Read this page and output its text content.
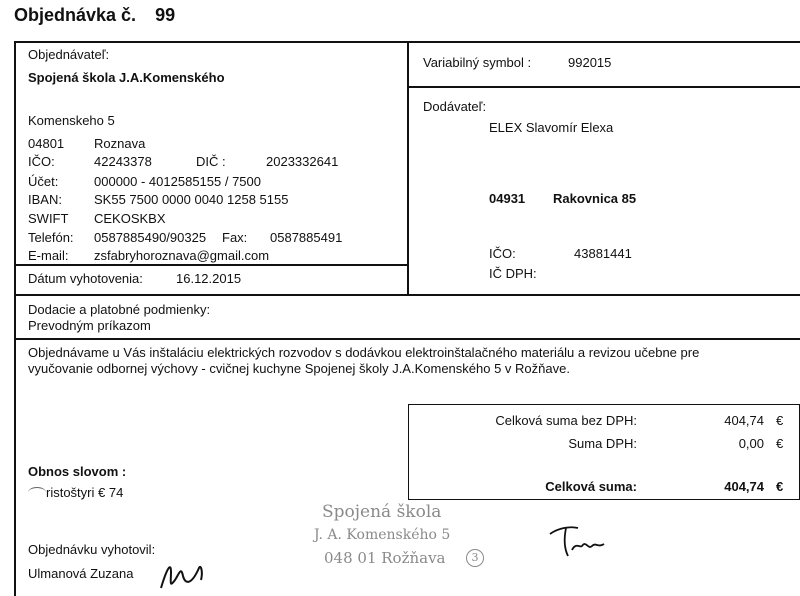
Objednávka č. 99
Objednávateľ:
Spojená škola J.A.Komenského
Komenskeho 5
04801 Roznava
IČO:	42243378	DIČ :	2023332641
Účet:	000000 - 4012585155 / 7500
IBAN: SK55 7500 0000 0040 1258 5155
SWIFT CEKOSKBX
Telefón: 0587885490/90325 Fax: 0587885491
E-mail: zsfabryhoroznava@gmail.com
Dátum vyhotovenia:	16.12.2015
Variabilný symbol :	992015
Dodávateľ:
ELEX Slavomír Elexa
04931 Rakovnica 85
IČO:	43881441
IČ DPH:
Dodacie a platobné podmienky:
Prevodným príkazom
Objednávame u Vás inštaláciu elektrických rozvodov s dodávkou elektroinštalačného materiálu a revizou učebne pre
vyučovanie odbornej výchovy - cvičnej kuchyne Spojenej školy J.A.Komenského 5 v Rožňave.
Celková suma bez DPH:	404,74 €
Suma DPH:	0,00 €
Celková suma:	404,74 €
Obnos slovom :
ristoštyri € 74
Objednávku vyhotovil:
Ulmanová Zuzana
Spojená škola
J. A. Komenského 5
048 01 Rožňava	3
